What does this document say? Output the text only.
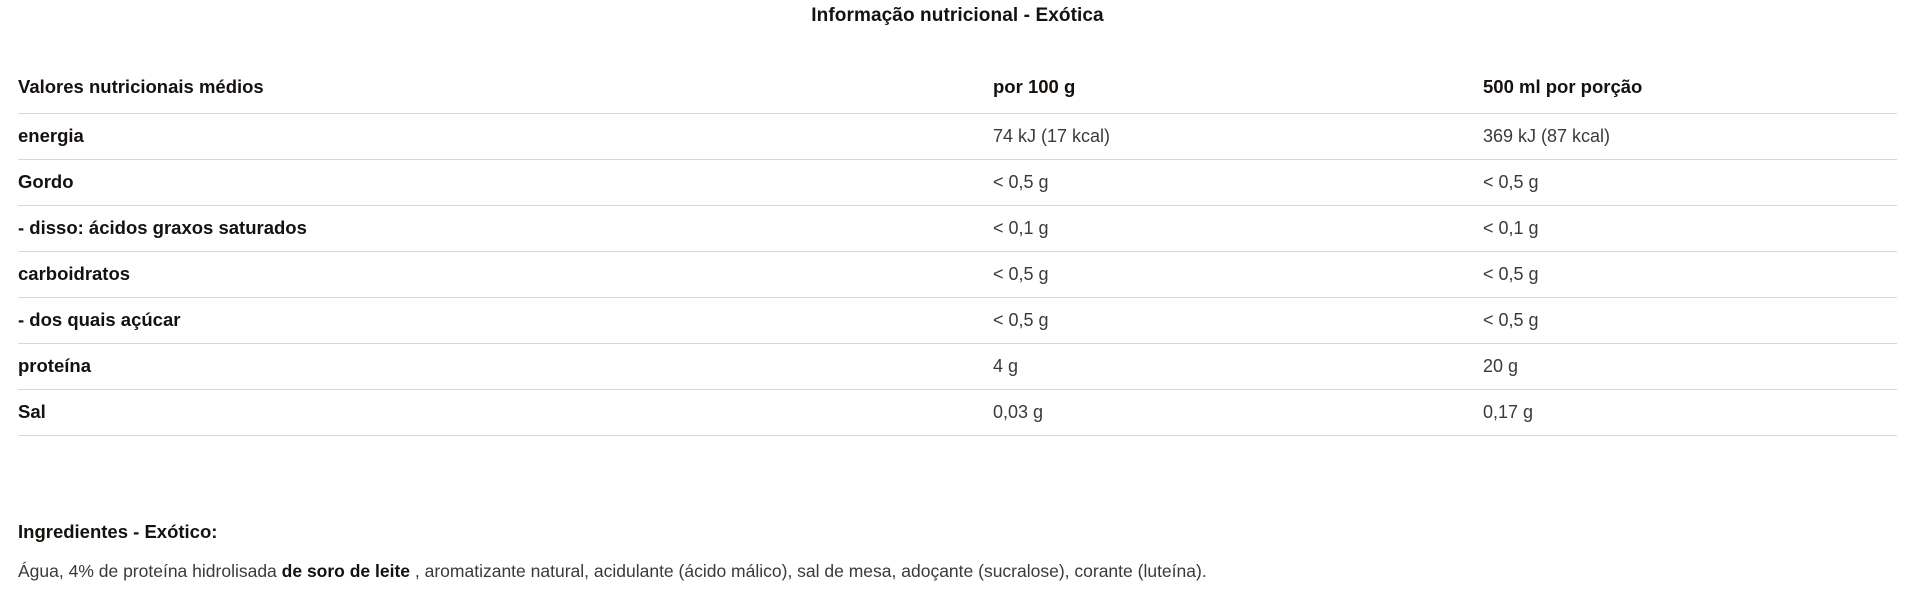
Informação nutricional - Exótica
Valores nutricionais médios	por 100 g	500 ml por porção
energia	74 kJ (17 kcal)	369 kJ (87 kcal)
Gordo	< 0,5 g	< 0,5 g
- disso: ácidos graxos saturados	< 0,1 g	< 0,1 g
carboidratos	< 0,5 g	< 0,5 g
- dos quais açúcar	< 0,5 g	< 0,5 g
proteína	4 g	20 g
Sal	0,03 g	0,17 g
Ingredientes - Exótico:
Água, 4% de proteína hidrolisada de soro de leite , aromatizante natural, acidulante (ácido málico), sal de mesa, adoçante (sucralose), corante (luteína).
